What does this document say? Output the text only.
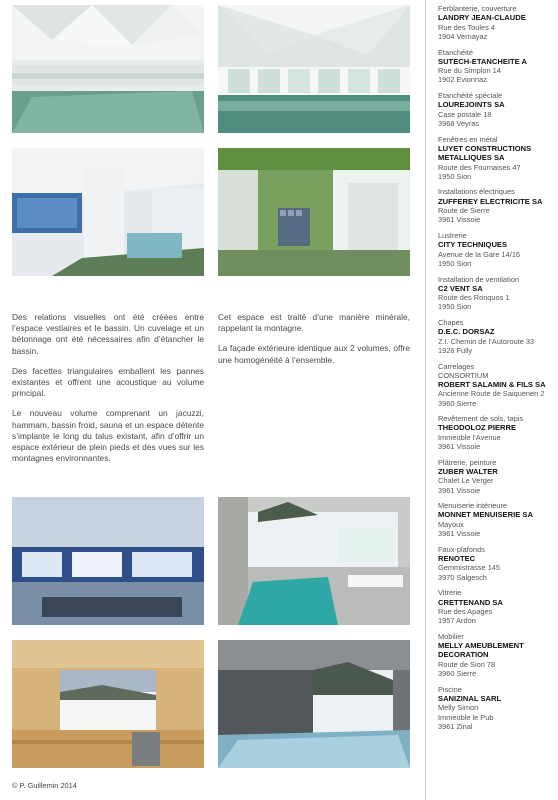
Des relations visuelles ont été créées entre l’espace vestiaires et le bassin. Un cuvelage et un bétonnage ont été nécessaires afin d’étancher le bassin.

Des facettes triangulaires emballent les pannes existantes et offrent une acoustique au volume principal.

Le nouveau volume comprenant un jacuzzi, hammam, bassin froid, sauna et un espace détente s’implante le long du talus existant, afin d’offrir un espace extérieur de plein pieds et des vues sur les montagnes environnantes.

Cet espace est traité d’une manière minérale, rappelant la montagne.

La façade extérieure identique aux 2 volumes, offre une homogénéité à l’ensemble.

Ferblanterie, couverture
LANDRY JEAN-CLAUDE
Rue des Toules 4
1904 Vernayaz
Etanchéité
SUTECH-ETANCHEITE A
Rue du Simplon 14
1902 Evionnaz
Etanchéité spéciale
LOUREJOINTS SA
Case postale 18
3968 Veyras
Fenêtres en métal
LUYET CONSTRUCTIONS METALLIQUES SA
Route des Fournaises 47
1950 Sion
Installations électriques
ZUFFEREY ELECTRICITE SA
Route de Sierre
3961 Vissoie
Lustrerie
CITY TECHNIQUES
Avenue de la Gare 14/16
1950 Sion
Installation de ventilation
C2 VENT SA
Route des Ronquos 1
1950 Sion
Chapes
D.E.C. DORSAZ
Z.I. Chemin de l’Autoroute 33
1926 Fully
Carrelages
CONSORTIUM
ROBERT SALAMIN & FILS SA
Ancienne Route de Saiquenen 2
3960 Sierre
Revêtement de sols, tapis
THEODOLOZ PIERRE
Immeuble l’Avenue
3961 Vissoie
Plâtrerie, peinture
ZUBER WALTER
Chalet Le Verger
3961 Vissoie
Menuiserie intérieure
MONNET MENUISERIE SA
Mayoux
3961 Vissoie
Faux-plafonds
RENOTEC
Gemmistrasse 145
3970 Salgesch
Vitrerie
CRETTENAND SA
Rue des Apages
1957 Ardon
Mobilier
MELLY AMEUBLEMENT DECORATION
Route de Sion 78
3960 Sierre
Piscine
SANIZINAL SARL
Melly Simon
Immeuble le Pub
3961 Zinal
© P. Guillemin 2014
